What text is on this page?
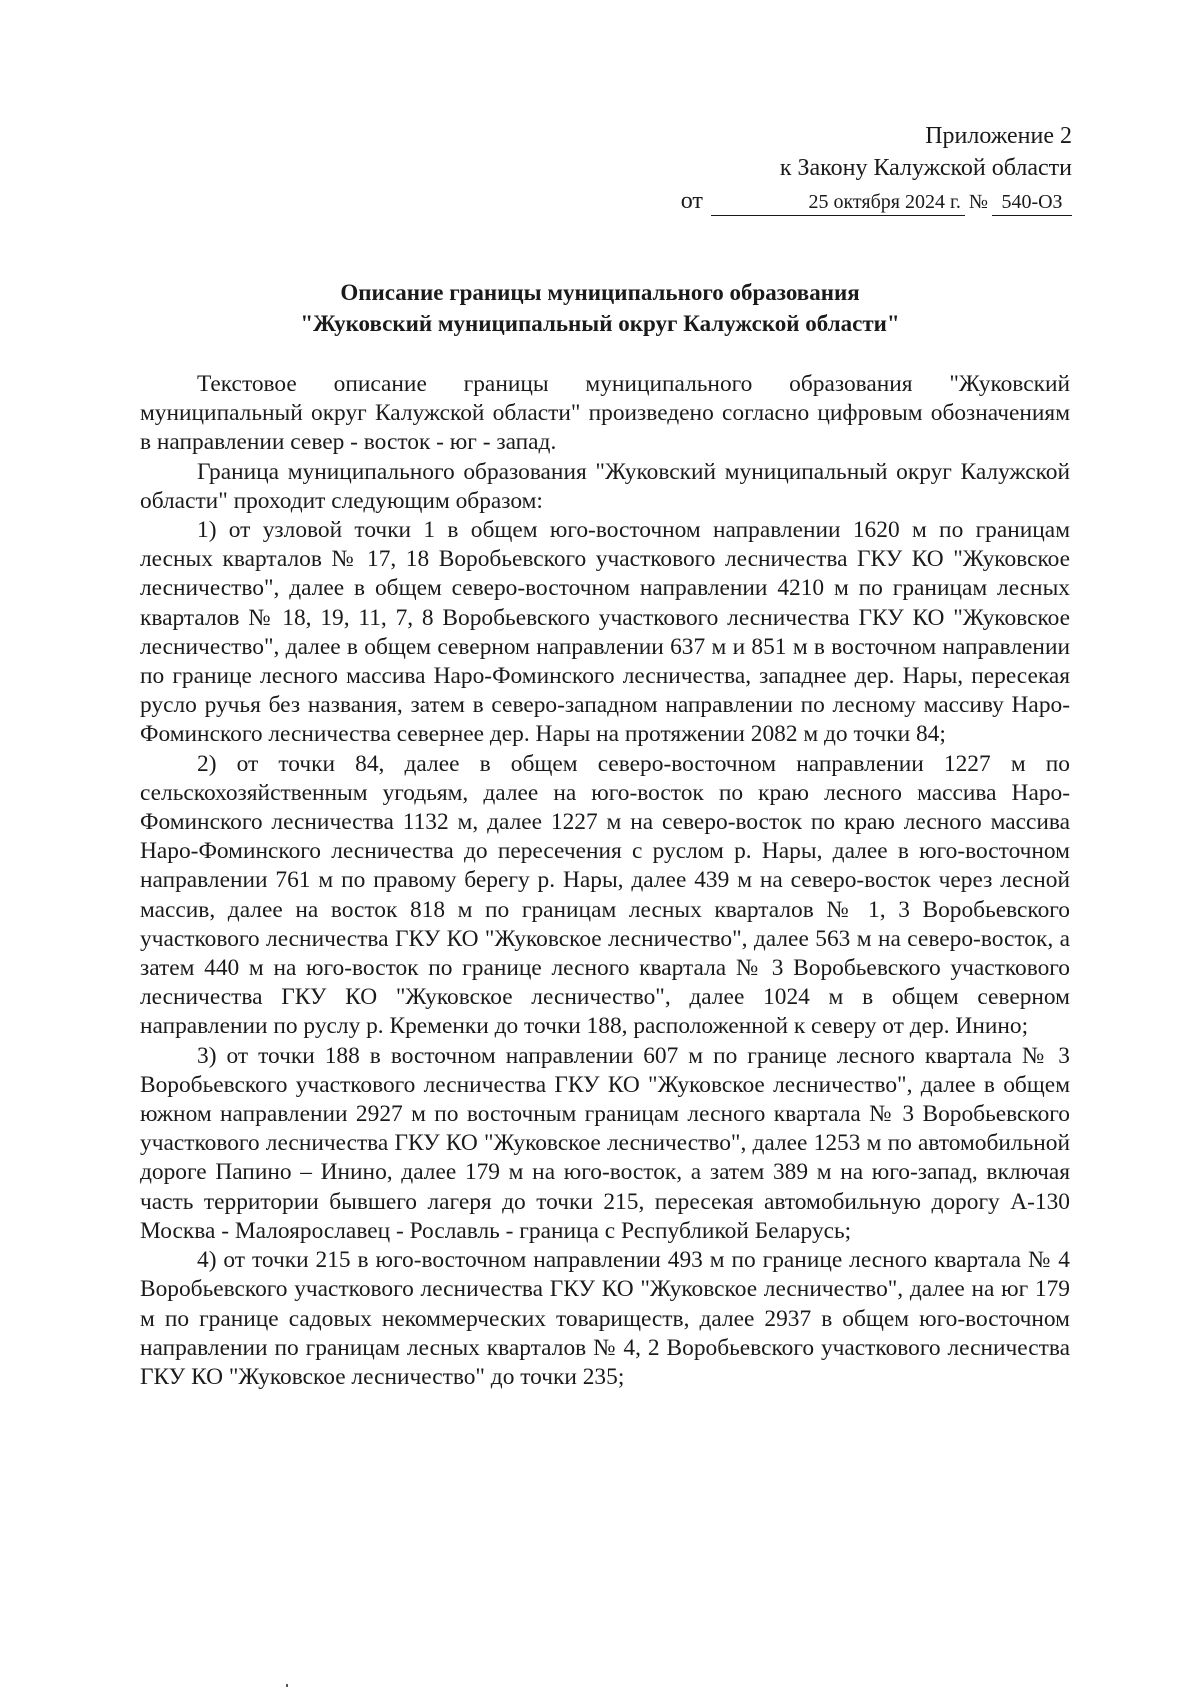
Приложение 2
к Закону Калужской области
от	25 октября 2024 г. № 540-ОЗ
Описание границы муниципального образования
"Жуковский муниципальный округ Калужской области"

Текстовое описание границы муниципального образования "Жуковский муниципальный округ Калужской области" произведено согласно цифровым обозначениям в направлении север - восток - юг - запад.

Граница муниципального образования "Жуковский муниципальный округ Калужской области" проходит следующим образом:

1) от узловой точки 1 в общем юго-восточном направлении 1620 м по границам лесных кварталов № 17, 18 Воробьевского участкового лесничества ГКУ КО "Жуковское лесничество", далее в общем северо-восточном направлении 4210 м по границам лесных кварталов № 18, 19, 11, 7, 8 Воробьевского участкового лесничества ГКУ КО "Жуковское лесничество", далее в общем северном направлении 637 м и 851 м в восточном направлении по границе лесного массива Наро-Фоминского лесничества, западнее дер. Нары, пересекая русло ручья без названия, затем в северо-западном направлении по лесному массиву Наро-Фоминского лесничества севернее дер. Нары на протяжении 2082 м до точки 84;

2) от точки 84, далее в общем северо-восточном направлении 1227 м по сельскохозяйственным угодьям, далее на юго-восток по краю лесного массива Наро-Фоминского лесничества 1132 м, далее 1227 м на северо-восток по краю лесного массива Наро-Фоминского лесничества до пересечения с руслом р. Нары, далее в юго-восточном направлении 761 м по правому берегу р. Нары, далее 439 м на северо-восток через лесной массив, далее на восток 818 м по границам лесных кварталов № 1, 3 Воробьевского участкового лесничества ГКУ КО "Жуковское лесничество", далее 563 м на северо-восток, а затем 440 м на юго-восток по границе лесного квартала № 3 Воробьевского участкового лесничества ГКУ КО "Жуковское лесничество", далее 1024 м в общем северном направлении по руслу р. Кременки до точки 188, расположенной к северу от дер. Инино;

3) от точки 188 в восточном направлении 607 м по границе лесного квартала № 3 Воробьевского участкового лесничества ГКУ КО "Жуковское лесничество", далее в общем южном направлении 2927 м по восточным границам лесного квартала № 3 Воробьевского участкового лесничества ГКУ КО "Жуковское лесничество", далее 1253 м по автомобильной дороге Папино – Инино, далее 179 м на юго-восток, а затем 389 м на юго-запад, включая часть территории бывшего лагеря до точки 215, пересекая автомобильную дорогу А-130 Москва - Малоярославец - Рославль - граница с Республикой Беларусь;

4) от точки 215 в юго-восточном направлении 493 м по границе лесного квартала № 4 Воробьевского участкового лесничества ГКУ КО "Жуковское лесничество", далее на юг 179 м по границе садовых некоммерческих товариществ, далее 2937 в общем юго-восточном направлении по границам лесных кварталов № 4, 2 Воробьевского участкового лесничества ГКУ КО "Жуковское лесничество" до точки 235;
